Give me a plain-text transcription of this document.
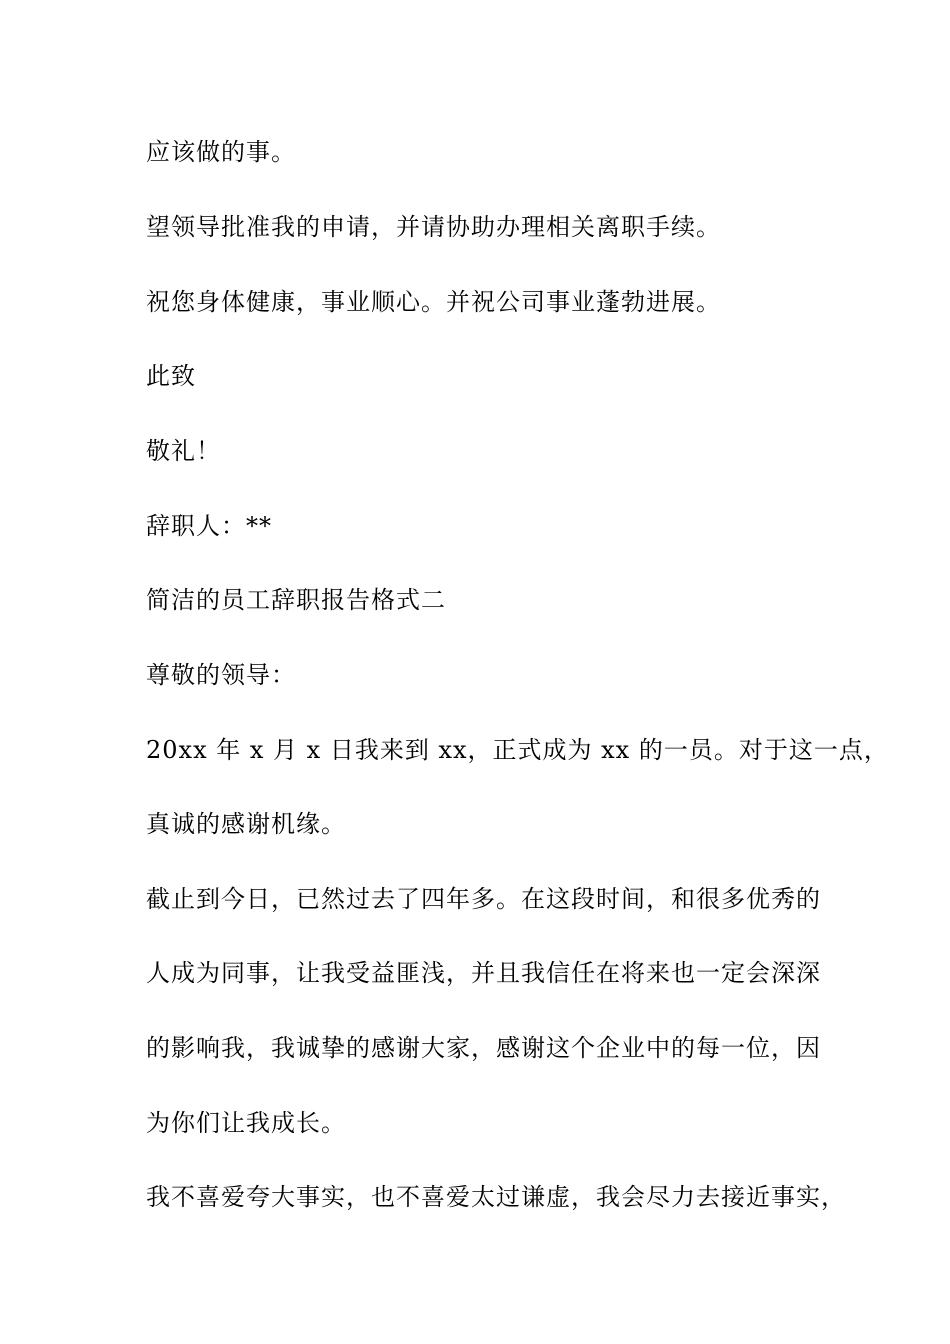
应该做的事。
望领导批准我的申请，并请协助办理相关离职手续。
祝您身体健康，事业顺心。并祝公司事业蓬勃进展。
此致
敬礼！
辞职人：**
简洁的员工辞职报告格式二
尊敬的领导：
20xx 年 x 月 x 日我来到 xx，正式成为 xx 的一员。对于这一点，
真诚的感谢机缘。
截止到今日，已然过去了四年多。在这段时间，和很多优秀的
人成为同事，让我受益匪浅，并且我信任在将来也一定会深深
的影响我，我诚挚的感谢大家，感谢这个企业中的每一位，因
为你们让我成长。
我不喜爱夸大事实，也不喜爱太过谦虚，我会尽力去接近事实，
